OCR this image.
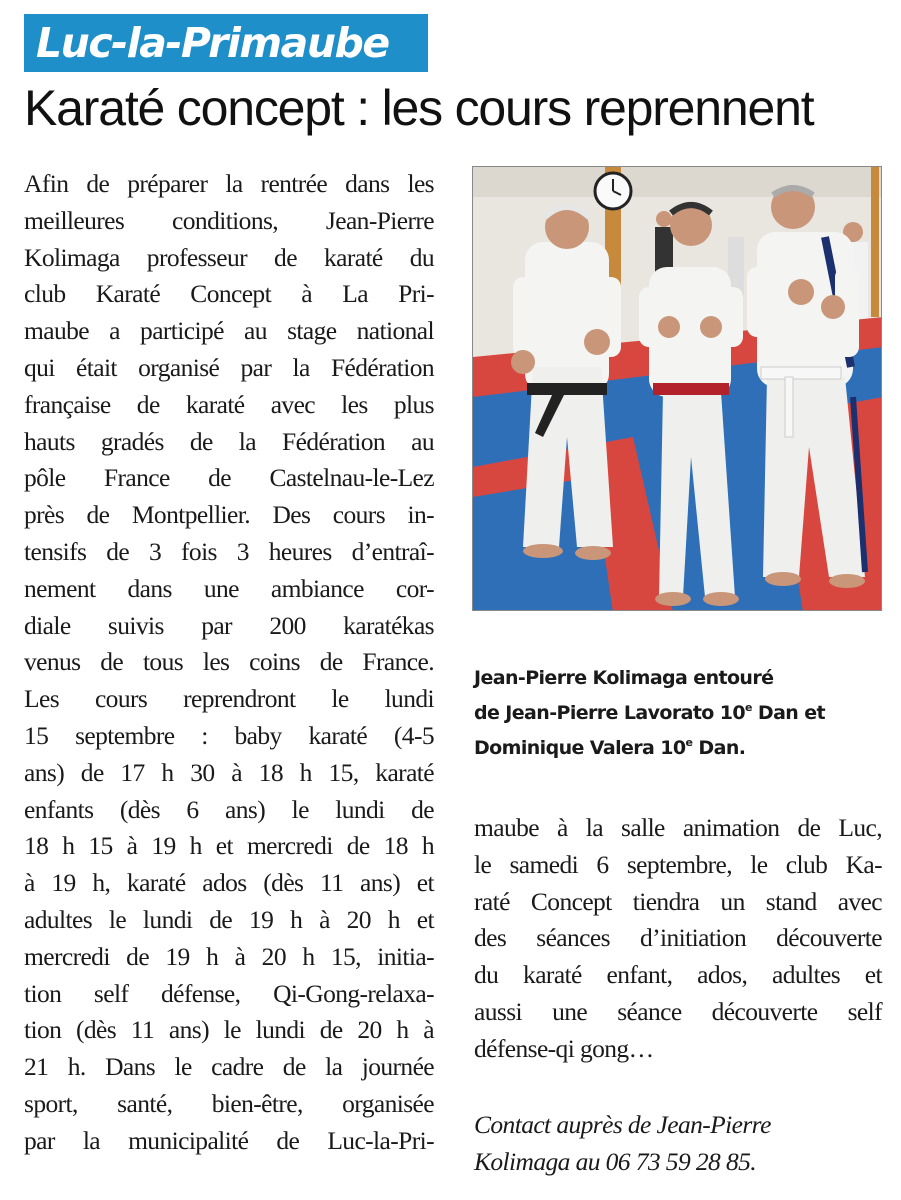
Luc-la-Primaube
Karaté concept : les cours reprennent
Afin de préparer la rentrée dans les
meilleures conditions, Jean-Pierre
Kolimaga professeur de karaté du
club Karaté Concept à La Pri-
maube a participé au stage national
qui était organisé par la Fédération
française de karaté avec les plus
hauts gradés de la Fédération au
pôle France de Castelnau-le-Lez
près de Montpellier. Des cours in-
tensifs de 3 fois 3 heures d’entraî-
nement dans une ambiance cor-
diale suivis par 200 karatékas
venus de tous les coins de France.
Les cours reprendront le lundi
15 septembre : baby karaté (4-5
ans) de 17 h 30 à 18 h 15, karaté
enfants (dès 6 ans) le lundi de
18 h 15 à 19 h et mercredi de 18 h
à 19 h, karaté ados (dès 11 ans) et
adultes le lundi de 19 h à 20 h et
mercredi de 19 h à 20 h 15, initia-
tion self défense, Qi-Gong-relaxa-
tion (dès 11 ans) le lundi de 20 h à
21 h. Dans le cadre de la journée
sport, santé, bien-être, organisée
par la municipalité de Luc-la-Pri-
Jean-Pierre Kolimaga entouré
de Jean-Pierre Lavorato 10e Dan et
Dominique Valera 10e Dan.
maube à la salle animation de Luc,
le samedi 6 septembre, le club Ka-
raté Concept tiendra un stand avec
des séances d’initiation découverte
du karaté enfant, ados, adultes et
aussi une séance découverte self
défense-qi gong…
Contact auprès de Jean-Pierre
Kolimaga au 06 73 59 28 85.
